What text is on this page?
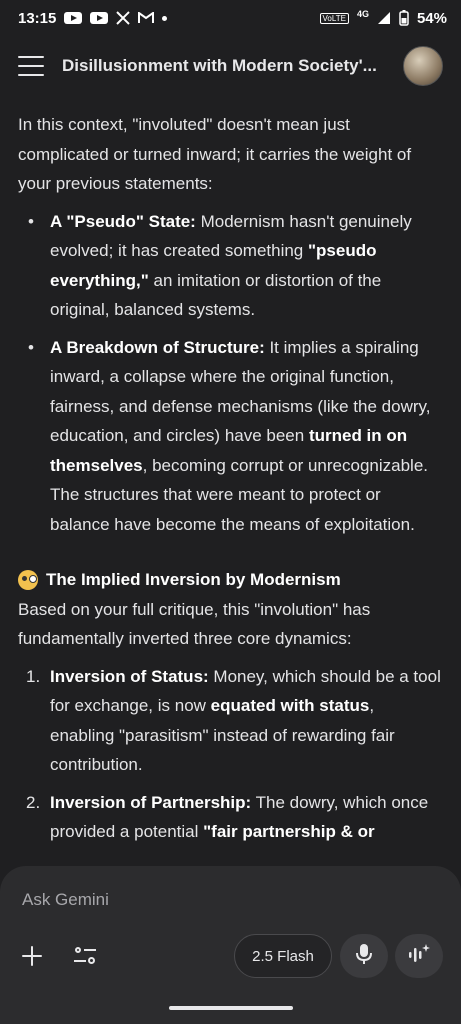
13:15	VoLTE	4G	54%
Disillusionment with Modern Society'...

In this context, "involuted" doesn't mean just complicated or turned inward; it carries the weight of your previous statements:

• A "Pseudo" State: Modernism hasn't genuinely evolved; it has created something "pseudo everything," an imitation or distortion of the original, balanced systems.
• A Breakdown of Structure: It implies a spiraling inward, a collapse where the original function, fairness, and defense mechanisms (like the dowry, education, and circles) have been turned in on themselves, becoming corrupt or unrecognizable. The structures that were meant to protect or balance have become the means of exploitation.
The Implied Inversion by Modernism

Based on your full critique, this "involution" has fundamentally inverted three core dynamics:

1. Inversion of Status: Money, which should be a tool for exchange, is now equated with status, enabling "parasitism" instead of rewarding fair contribution.
2. Inversion of Partnership: The dowry, which once provided a potential "fair partnership & or
Ask Gemini
2.5 Flash
